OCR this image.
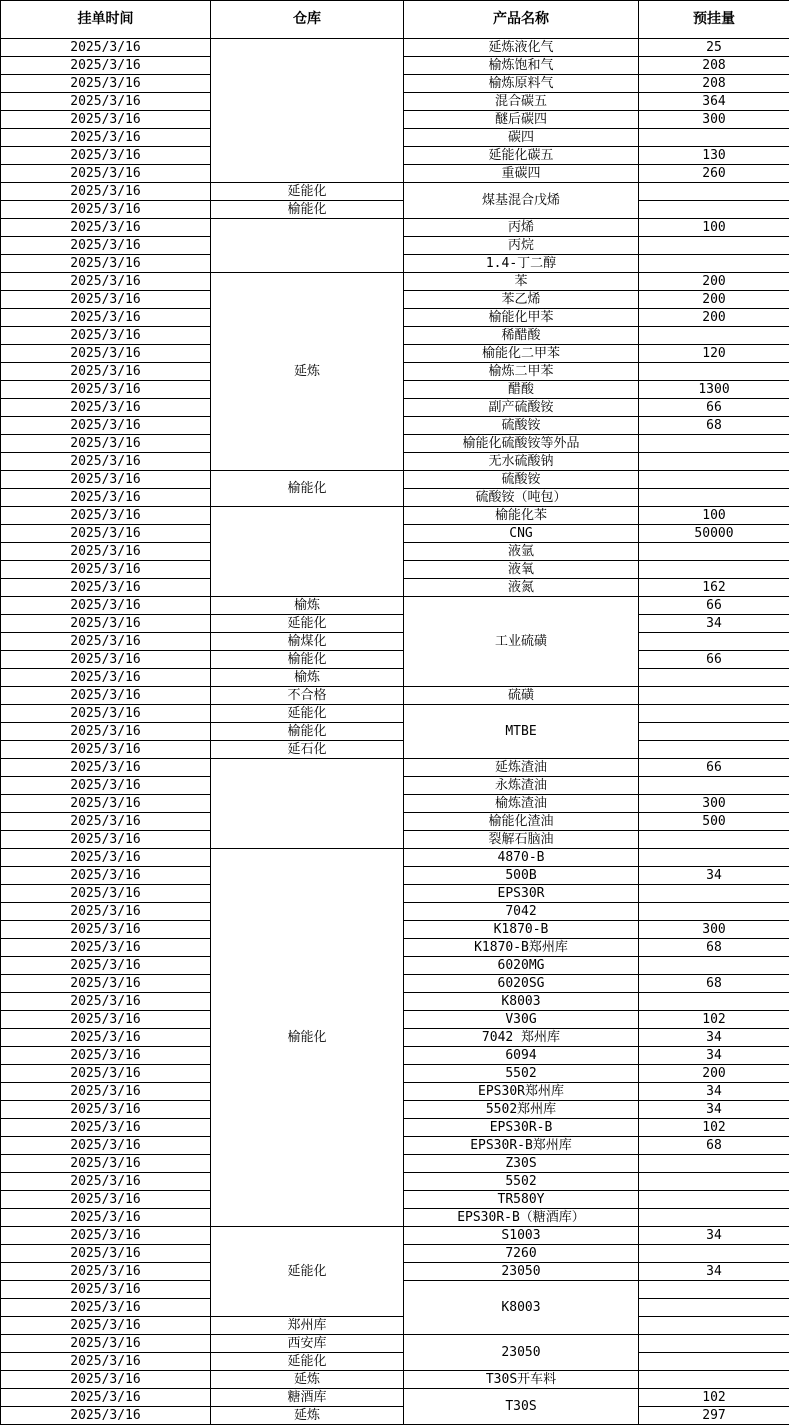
挂单时间	仓库	产品名称	预挂量
2025/3/16		延炼液化气	25
2025/3/16		榆炼饱和气	208
2025/3/16		榆炼原料气	208
2025/3/16		混合碳五	364
2025/3/16		醚后碳四	300
2025/3/16		碳四	
2025/3/16		延能化碳五	130
2025/3/16		重碳四	260
2025/3/16	延能化	煤基混合戊烯	
2025/3/16	榆能化		
2025/3/16		丙烯	100
2025/3/16		丙烷	
2025/3/16		1.4-丁二醇	
2025/3/16	延炼	苯	200
2025/3/16		苯乙烯	200
2025/3/16		榆能化甲苯	200
2025/3/16		稀醋酸	
2025/3/16		榆能化二甲苯	120
2025/3/16		榆炼二甲苯	
2025/3/16		醋酸	1300
2025/3/16		副产硫酸铵	66
2025/3/16		硫酸铵	68
2025/3/16		榆能化硫酸铵等外品	
2025/3/16		无水硫酸钠	
2025/3/16	榆能化	硫酸铵	
2025/3/16		硫酸铵（吨包）	
2025/3/16		榆能化苯	100
2025/3/16		CNG	50000
2025/3/16		液氩	
2025/3/16		液氧	
2025/3/16		液氮	162
2025/3/16	榆炼	工业硫磺	66
2025/3/16	延能化		34
2025/3/16	榆煤化		
2025/3/16	榆能化		66
2025/3/16	榆炼		
2025/3/16	不合格	硫磺	
2025/3/16	延能化	MTBE	
2025/3/16	榆能化		
2025/3/16	延石化		
2025/3/16		延炼渣油	66
2025/3/16		永炼渣油	
2025/3/16		榆炼渣油	300
2025/3/16		榆能化渣油	500
2025/3/16		裂解石脑油	
2025/3/16	榆能化	4870-B	
2025/3/16		500B	34
2025/3/16		EPS30R	
2025/3/16		7042	
2025/3/16		K1870-B	300
2025/3/16		K1870-B郑州库	68
2025/3/16		6020MG	
2025/3/16		6020SG	68
2025/3/16		K8003	
2025/3/16		V30G	102
2025/3/16		7042 郑州库	34
2025/3/16		6094	34
2025/3/16		5502	200
2025/3/16		EPS30R郑州库	34
2025/3/16		5502郑州库	34
2025/3/16		EPS30R-B	102
2025/3/16		EPS30R-B郑州库	68
2025/3/16		Z30S	
2025/3/16		5502	
2025/3/16		TR580Y	
2025/3/16		EPS30R-B（糖酒库）	
2025/3/16	延能化	S1003	34
2025/3/16		7260	
2025/3/16		23050	34
2025/3/16		K8003	
2025/3/16			
2025/3/16	郑州库		
2025/3/16	西安库	23050	
2025/3/16	延能化		
2025/3/16	延炼	T30S开车料	
2025/3/16	糖酒库	T30S	102
2025/3/16	延炼		297
